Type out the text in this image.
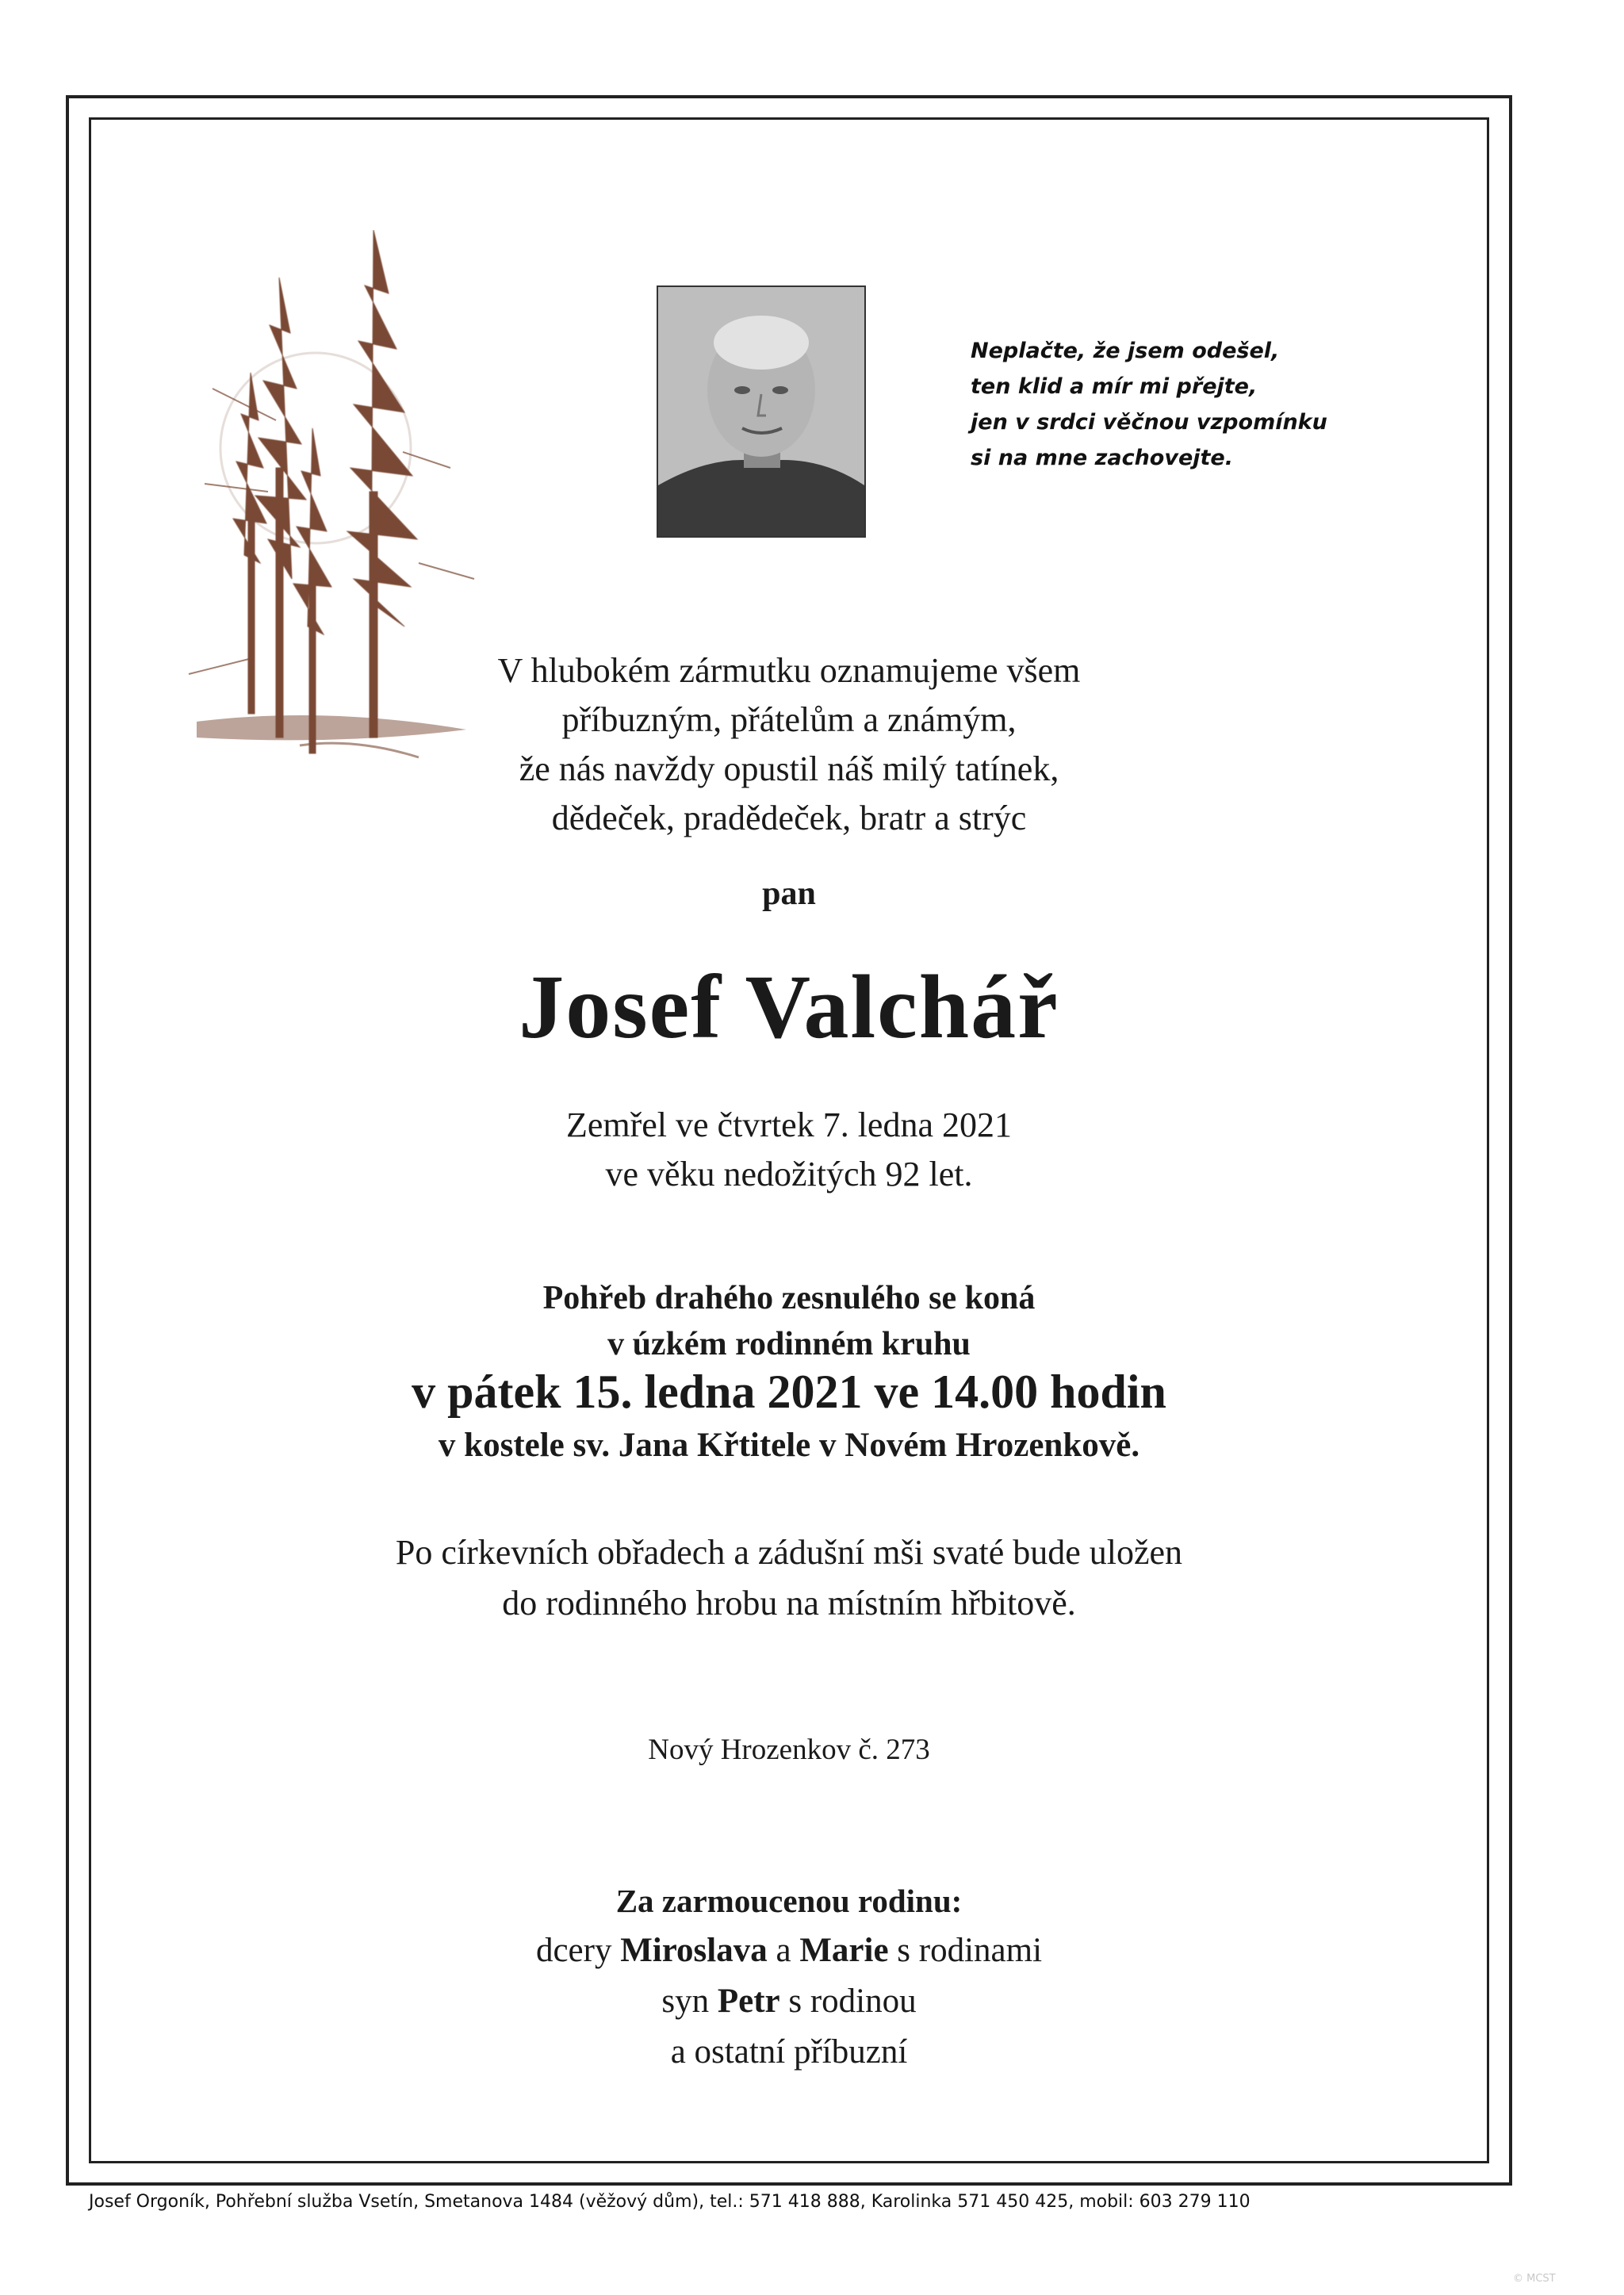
Neplačte, že jsem odešel,
ten klid a mír mi přejte,
jen v srdci věčnou vzpomínku
si na mne zachovejte.
V hlubokém zármutku oznamujeme všem
příbuzným, přátelům a známým,
že nás navždy opustil náš milý tatínek,
dědeček, pradědeček, bratr a strýc
pan
Josef Valchář
Zemřel ve čtvrtek 7. ledna 2021
ve věku nedožitých 92 let.
Pohřeb drahého zesnulého se koná
v úzkém rodinném kruhu
v pátek 15. ledna 2021 ve 14.00 hodin
v kostele sv. Jana Křtitele v Novém Hrozenkově.
Po církevních obřadech a zádušní mši svaté bude uložen
do rodinného hrobu na místním hřbitově.
Nový Hrozenkov č. 273
Za zarmoucenou rodinu:
dcery Miroslava a Marie s rodinami
syn Petr s rodinou
a ostatní příbuzní
Josef Orgoník, Pohřební služba Vsetín, Smetanova 1484 (věžový dům), tel.: 571 418 888, Karolinka 571 450 425, mobil: 603 279 110
© MCST
